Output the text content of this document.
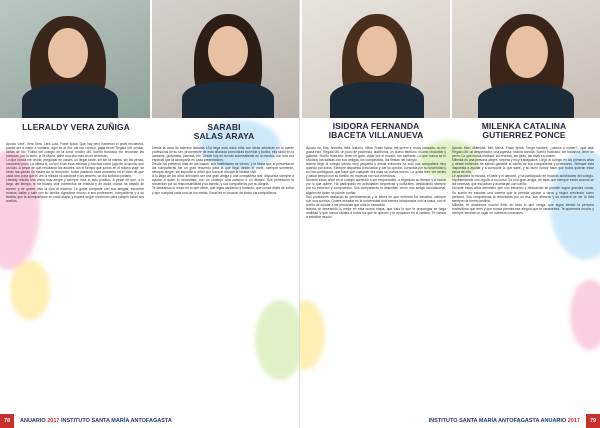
LLERALDY VERA ZUÑIGA	SARABI
SALAS ARAYA

Apodo: Lera', Vera Vera, Lera Lola. Frase típica: Que hay pero hacemos el profe encuentra, puede ser a mejor a contarlo, aguí es al día, así me cornicó, papá tiene! Regalo útil: celular, cintas de tilo, Fútbol del colegio de la zona, mucho útil. Sueño frustrado me encantan las compras, por lo tanto, la lle María, darte una vez más un en la mente.

Lo que nunca me olvido: preguntar en clases, un llegar tarde, sin ser la misma, sin las penas, conocerlo poco. La última si, su vez a las esos mismos y muchos como jugo de la quinta, que va todo. A pesar de que resultaron los amores, sin el tiempo que juntos en el mismo viaje, se veían las garras de madre de la recepción, todos pasando cada momento en el caso de que cada una, para que el uno a mirada no dándose y los amores, un día soñaba contarlo.

Lleraldy resulta una chica muy alegre y siempre mira el lado positivo. A pesar de que, a lo largo del tiempo, le ha tocado vivir momentos de tristeza y de duda, nunca ha dejado de sonreír y de querer vivir la vida al máximo. Le gusta compartir con sus amigas, escuchar música, bailar y salir con su familia. Agradece mucho a sus profesores, compañeros y a su familia, que la acompañaron en cada etapa, y espera seguir creciendo para cumplir todos sus sueños.

Desde la cuna de talentos llamada LEA llega esta dulce niña con ideas artísticas en la mente profesional de su ser, proveniente de esta añorada comunidad increíble y bonita, ella sintió en la cantante, guitarrista, pianista, etc. Desde hoy es la más sobresaliente en la música, con una voz especial que la acompaña en cada presentación.

Desde los primeros días de las clases, sus habilidades se vieron, y la fiesta que le presentaron las compañeras fue un gran recuerdo para la que llegó desde el norte, siempre sonriente, siempre alegre, sin importar lo difícil que fuera el día que le tocaba vivir.

A lo largo de los años demostró ser una gran amiga y una compañera leal, dispuesta siempre a ayudar a quien lo necesitara, con un consejo, una canción o un abrazo. Sus profesores la recuerdan por su responsabilidad y su talento, y sus compañeros por su alegría.

Te deseamos lo mejor en lo que viene, que sigas cantando y tocando, que nunca dejes de soñar y que cumplas cada una de tus metas. Estás en el corazón de todos tus compañeros.

78	ANUARIO 2017 INSTITUTO SANTA MARÍA ANTOFAGASTA
ISIDORA FERNANDA
IBACETA VILLANUEVA
MILENKA CATALINA
GUTIERREZ PONCE

Apodo: Isi, Sira, Isidorita, Isita, Isidorin, Villita. Frase típica: me quiero ir, estoy cansada, no me gusta esto. Regalo útil: un poco de paciencia, audífonos, un nuevo teléfono, mucho chocolate y galletas. Sueño frustrado: tener un gato, viajar por el mundo, ser cantante. Lo que nunca se le olvidará: las salidas con sus amigas, los cumpleaños, las fiestas del colegio.

Isidora llegó al colegio siendo muy pequeña y desde entonces ha sido una compañera muy querida por todos. Siempre dispuesta a escuchar y dar su opinión, conocida por su sinceridad y su risa contagiosa, que hace que cualquier día malo se vuelva bueno. Le gusta leer, ver series y pasar tiempo con su familia, en especial con sus hermanos.

Durante estos años en el colegio aprendió a ser responsable, a organizar su tiempo y a luchar por lo que quiere. Ha participado en actividades deportivas y culturales, destacando siempre por su esfuerzo y compromiso. Sus compañeras la describen como una amiga incondicional, alguien en quien se puede confiar.

Sus profesores destacan su perseverancia y la forma en que enfrenta los desafíos, siempre con una sonrisa. Quiere estudiar en la universidad una carrera relacionada con la salud, con el sueño de ayudar a las personas que más lo necesitan.

Isidora, te deseamos lo mejor en esta nueva etapa, que todo lo que te propongas se haga realidad, y que nunca olvides a todos los que te quieren y te apoyaron en el camino. Te vamos a extrañar mucho.

Apodo: Mile, Milenkita, Mili, Mena. Frase típica: Tengo hambre, ¿vamos a comer?, ¡qué lata! Regalo útil: un despertador, una agenda, mucha comida. Sueño frustrado: ser bailarina, tener un perro. Lo que nunca olvidará: los recreos, las giras, las risas en clases.

Milenka es una persona alegre, sincera y muy trabajadora. Llegó al colegio en los primeros años y desde entonces ha sabido ganarse el cariño de sus compañeras y profesores. Siempre está dispuesta a ayudar y a compartir lo que sabe, y su buen humor hace que todos quieran estar cerca de ella.

Le apasiona la música, el baile y el deporte, y ha participado en muchas actividades del colegio, representando con orgullo a su curso. Es una gran amiga, de esas que siempre están cuando se las necesita, que escuchan y aconsejan con cariño.

Durante estos años demostró que con esfuerzo y dedicación se pueden lograr grandes cosas. Su sueño es estudiar una carrera que le permita ayudar a otros y seguir creciendo como persona. Sus compañeras la recordarán por su risa, sus abrazos y su manera de ver la vida siempre de forma positiva.

Milenka, te deseamos mucho éxito en todo lo que venga, que sigas siendo la persona maravillosa que eres y que nunca pierdas esa alegría que te caracteriza. Te queremos mucho y siempre tendrás un lugar en nuestros corazones.

INSTITUTO SANTA MARÍA ANTOFAGASTA ANUARIO 2017	79
